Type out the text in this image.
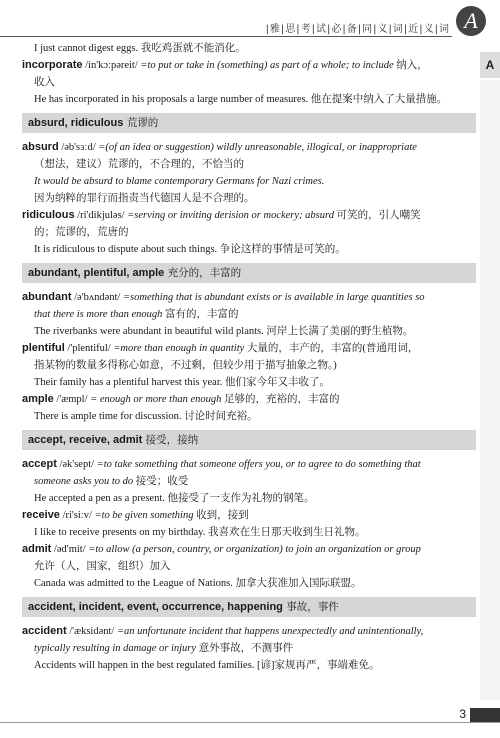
|雅|思|考|试|必|备|同|义|词|近|义|词 A
A
I just cannot digest eggs. 我吃鸡蛋就不能消化。
incorporate /in'kɔːpəreit/ =to put or take in (something) as part of a whole; to include 纳入，
收入
He has incorporated in his proposals a large number of measures. 他在提案中纳入了大量措施。
absurd, ridiculous 荒谬的
absurd /əb'sɜːd/ =(of an idea or suggestion) wildly unreasonable, illogical, or inappropriate
（想法，建议）荒谬的，不合理的，不恰当的
It would be absurd to blame contemporary Germans for Nazi crimes.
因为纳粹的罪行而指责当代德国人是不合理的。
ridiculous /ri'dikjuləs/ =serving or inviting derision or mockery; absurd 可笑的，引人嘲笑
的；荒谬的，荒唐的
It is ridiculous to dispute about such things. 争论这样的事情是可笑的。
abundant, plentiful, ample 充分的，丰富的
abundant /ə'bʌndənt/ =something that is abundant exists or is available in large quantities so
that there is more than enough 富有的，丰富的
The riverbanks were abundant in beautiful wild plants. 河岸上长满了美丽的野生植物。
plentiful /'plentiful/ =more than enough in quantity 大量的，丰产的，丰富的(普通用词，
指某物的数量多得称心如意，不过剩，但较少用于描写抽象之物。)
Their family has a plentiful harvest this year. 他们家今年又丰收了。
ample /'æmpl/ = enough or more than enough 足够的，充裕的，丰富的
There is ample time for discussion. 讨论时间充裕。
accept, receive, admit 接受，接纳
accept /ək'sept/ =to take something that someone offers you, or to agree to do something that
someone asks you to do 接受；收受
He accepted a pen as a present. 他接受了一支作为礼物的钢笔。
receive /ri'siːv/ =to be given something 收到，接到
I like to receive presents on my birthday. 我喜欢在生日那天收到生日礼物。
admit /əd'mit/ =to allow (a person, country, or organization) to join an organization or group
允许（人，国家，组织）加入
Canada was admitted to the League of Nations. 加拿大获准加入国际联盟。
accident, incident, event, occurrence, happening 事故，事件
accident /'æksidənt/ =an unfortunate incident that happens unexpectedly and unintentionally,
typically resulting in damage or injury 意外事故，不测事件
Accidents will happen in the best regulated families. [谚]家规再严，事端难免。
3
